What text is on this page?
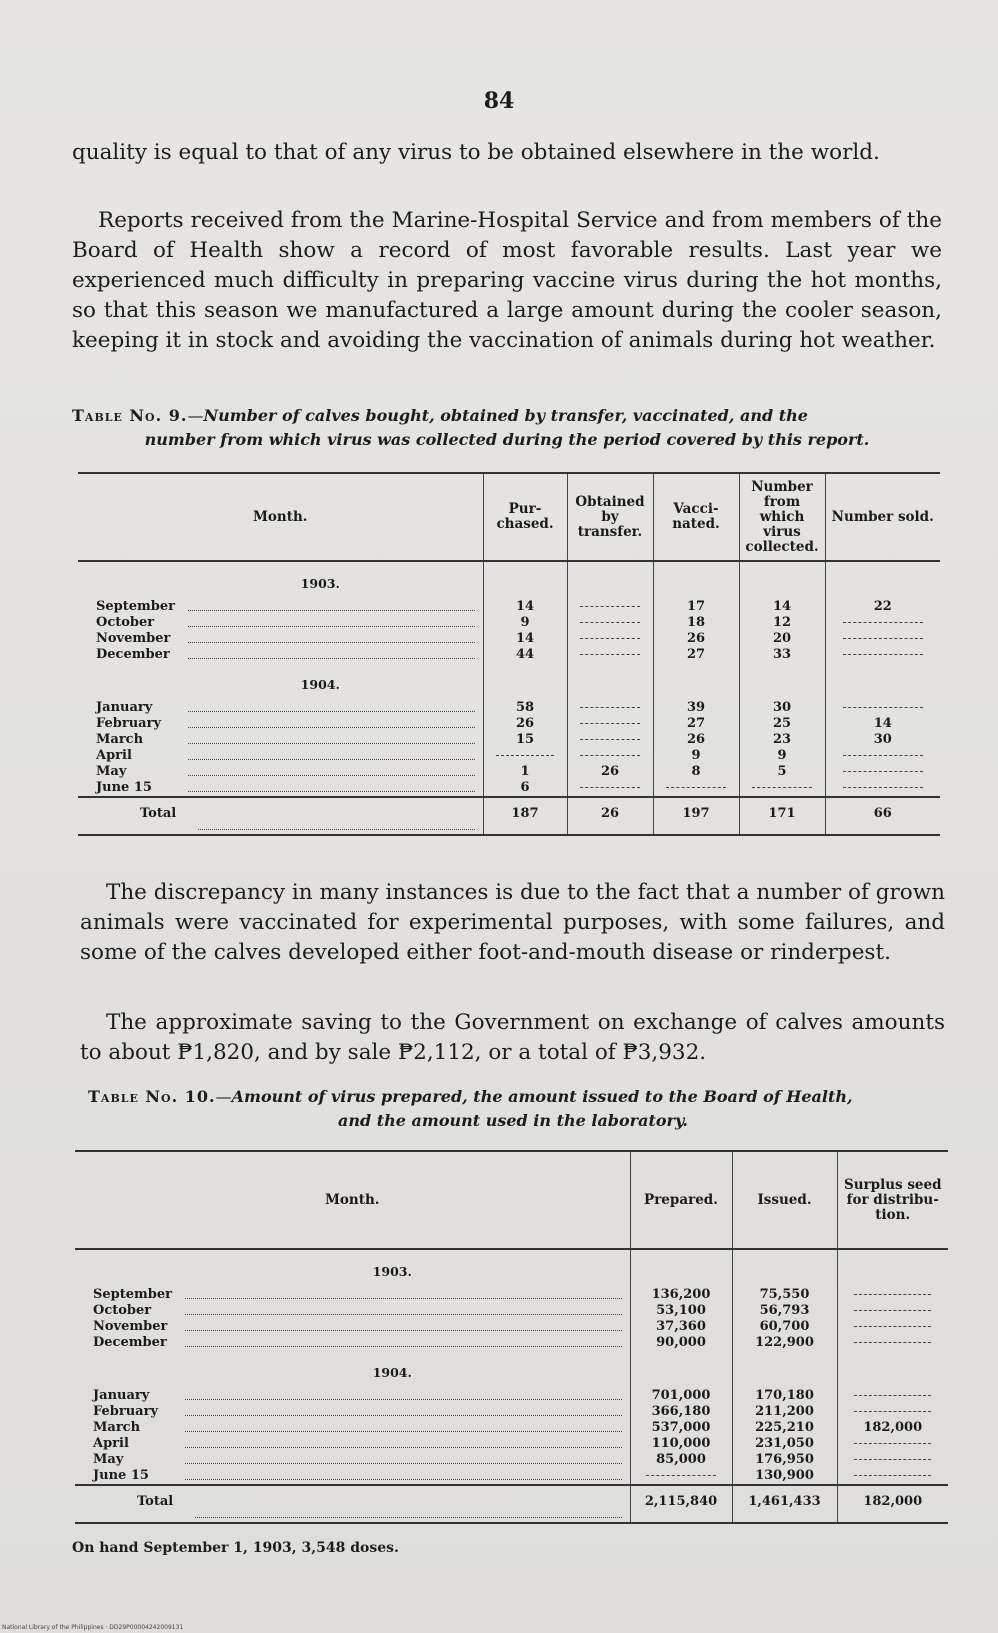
84
quality is equal to that of any virus to be obtained elsewhere in the world.
Reports received from the Marine-Hospital Service and from members of the Board of Health show a record of most favorable results. Last year we experienced much difficulty in preparing vaccine virus during the hot months, so that this season we manufactured a large amount during the cooler season, keeping it in stock and avoiding the vaccination of animals during hot weather.
Table No. 9.—Number of calves bought, obtained by transfer, vaccinated, and the
number from which virus was collected during the period covered by this report.
Month.	Pur-chased.	Obtained by transfer.	Vacci-nated.	Number from which virus collected.	Number sold.
1903.					
September	14		17	14	22
October	9		18	12	
November	14		26	20	
December	44		27	33	
1904.					
January	58		39	30	
February	26		27	25	14
March	15		26	23	30
April			9	9	
May	1	26	8	5	
June 15	6				
Total	187	26	197	171	66
The discrepancy in many instances is due to the fact that a number of grown animals were vaccinated for experimental purposes, with some failures, and some of the calves developed either foot-and-mouth disease or rinderpest.
The approximate saving to the Government on exchange of calves amounts to about ₱1,820, and by sale ₱2,112, or a total of ₱3,932.
Table No. 10.—Amount of virus prepared, the amount issued to the Board of Health,
and the amount used in the laboratory.
Month.	Prepared.	Issued.	Surplus seed for distribu-tion.
1903.			
September	136,200	75,550	
October	53,100	56,793	
November	37,360	60,700	
December	90,000	122,900	
1904.			
January	701,000	170,180	
February	366,180	211,200	
March	537,000	225,210	182,000
April	110,000	231,050	
May	85,000	176,950	
June 15		130,900	
Total	2,115,840	1,461,433	182,000
On hand September 1, 1903, 3,548 doses.
National Library of the Philippines · DD29P00004242009131
